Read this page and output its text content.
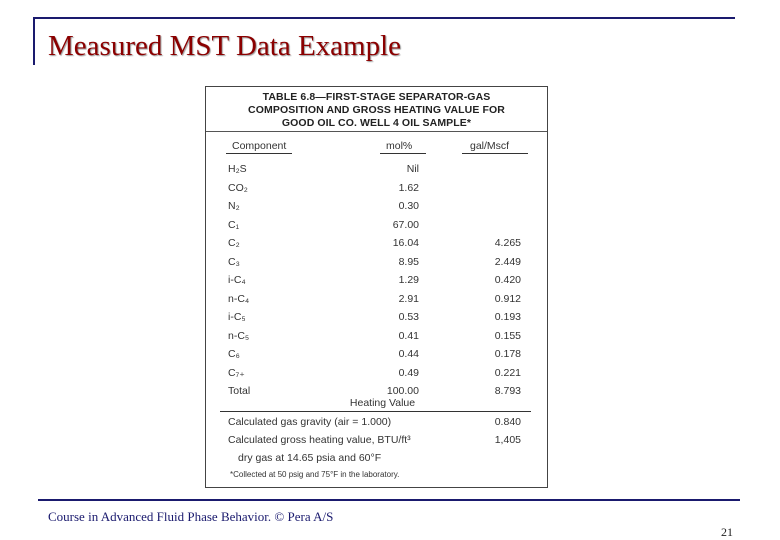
Measured MST Data Example
TABLE 6.8—FIRST-STAGE SEPARATOR-GAS
COMPOSITION AND GROSS HEATING VALUE FOR
GOOD OIL CO. WELL 4 OIL SAMPLE*
Component	mol%	gal/Mscf
H₂S	Nil
CO₂	1.62
N₂	0.30
C₁	67.00
C₂	16.04	4.265
C₃	8.95	2.449
i-C₄	1.29	0.420
n-C₄	2.91	0.912
i-C₅	0.53	0.193
n-C₅	0.41	0.155
C₆	0.44	0.178
C₇₊	0.49	0.221
Total	100.00	8.793
Heating Value
Calculated gas gravity (air = 1.000)	0.840
Calculated gross heating value, BTU/ft³	1,405
dry gas at 14.65 psia and 60°F
*Collected at 50 psig and 75°F in the laboratory.
Course in Advanced Fluid Phase Behavior. © Pera A/S
21
